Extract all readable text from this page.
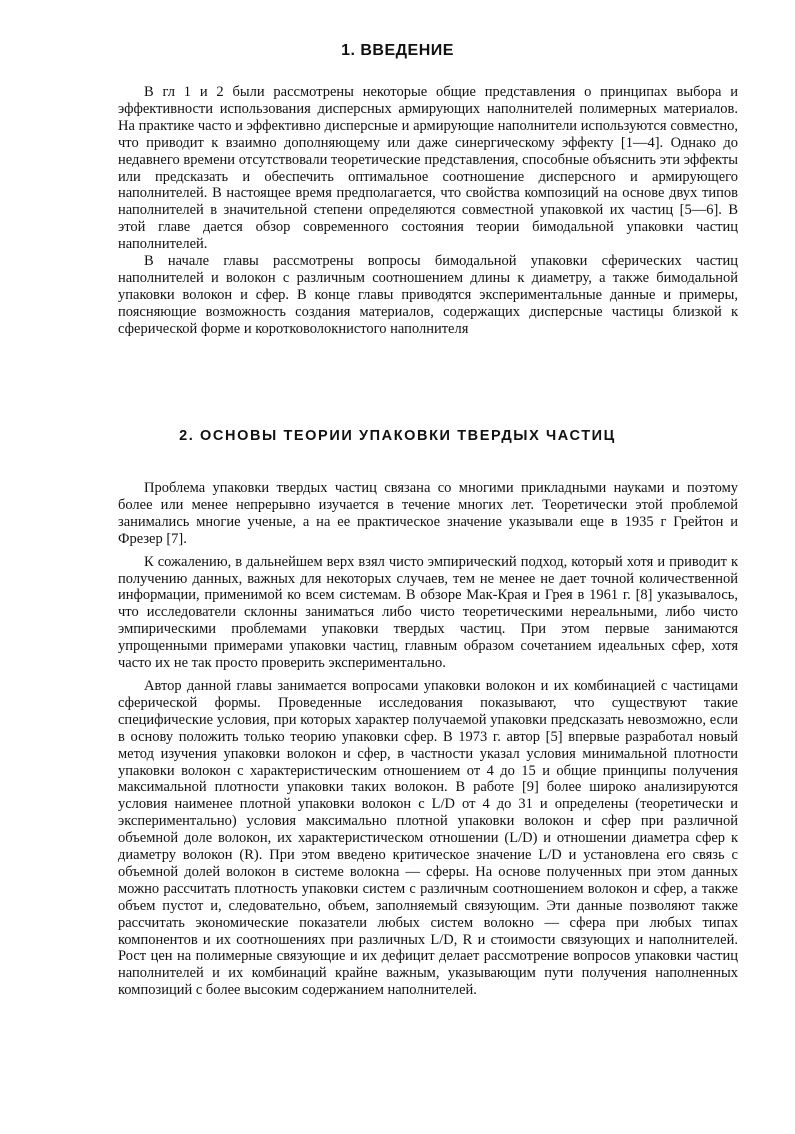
1. ВВЕДЕНИЕ

В гл 1 и 2 были рассмотрены некоторые общие представления о принципах выбора и эффективности использования дисперсных армирующих наполнителей полимерных материалов. На практике часто и эффективно дисперсные и армирующие наполнители используются совместно, что приводит к взаимно дополняющему или даже синергическому эффекту [1—4]. Однако до недавнего времени отсутствовали теоретические представления, способные объяснить эти эффекты или предсказать и обеспечить оптимальное соотношение дисперсного и армирующего наполнителей. В настоящее время предполагается, что свойства композиций на основе двух типов наполнителей в значительной степени определяются совместной упаковкой их частиц [5—6]. В этой главе дается обзор современного состояния теории бимодальной упаковки частиц наполнителей.

В начале главы рассмотрены вопросы бимодальной упаковки сферических частиц наполнителей и волокон с различным соотношением длины к диаметру, а также бимодальной упаковки волокон и сфер. В конце главы приводятся экспериментальные данные и примеры, поясняющие возможность создания материалов, содержащих дисперсные частицы близкой к сферической форме и коротковолокнистого наполнителя

2. ОСНОВЫ ТЕОРИИ УПАКОВКИ ТВЕРДЫХ ЧАСТИЦ

Проблема упаковки твердых частиц связана со многими прикладными науками и поэтому более или менее непрерывно изучается в течение многих лет. Теоретически этой проблемой занимались многие ученые, а на ее практическое значение указывали еще в 1935 г Грейтон и Фрезер [7].

К сожалению, в дальнейшем верх взял чисто эмпирический подход, который хотя и приводит к получению данных, важных для некоторых случаев, тем не менее не дает точной количественной информации, применимой ко всем системам. В обзоре Мак-Края и Грея в 1961 г. [8] указывалось, что исследователи склонны заниматься либо чисто теоретическими нереальными, либо чисто эмпирическими проблемами упаковки твердых частиц. При этом первые занимаются упрощенными примерами упаковки частиц, главным образом сочетанием идеальных сфер, хотя часто их не так просто проверить экспериментально.

Автор данной главы занимается вопросами упаковки волокон и их комбинацией с частицами сферической формы. Проведенные исследования показывают, что существуют такие специфические условия, при которых характер получаемой упаковки предсказать невозможно, если в основу положить только теорию упаковки сфер. В 1973 г. автор [5] впервые разработал новый метод изучения упаковки волокон и сфер, в частности указал условия минимальной плотности упаковки волокон с характеристическим отношением от 4 до 15 и общие принципы получения максимальной плотности упаковки таких волокон. В работе [9] более широко анализируются условия наименее плотной упаковки волокон с L/D от 4 до 31 и определены (теоретически и экспериментально) условия максимально плотной упаковки волокон и сфер при различной объемной доле волокон, их характеристическом отношении (L/D) и отношении диаметра сфер к диаметру волокон (R). При этом введено критическое значение L/D и установлена его связь с объемной долей волокон в системе волокна — сферы. На основе полученных при этом данных можно рассчитать плотность упаковки систем с различным соотношением волокон и сфер, а также объем пустот и, следовательно, объем, заполняемый связующим. Эти данные позволяют также рассчитать экономические показатели любых систем волокно — сфера при любых типах компонентов и их соотношениях при различных L/D, R и стоимости связующих и наполнителей. Рост цен на полимерные связующие и их дефицит делает рассмотрение вопросов упаковки частиц наполнителей и их комбинаций крайне важным, указывающим пути получения наполненных композиций с более высоким содержанием наполнителей.
